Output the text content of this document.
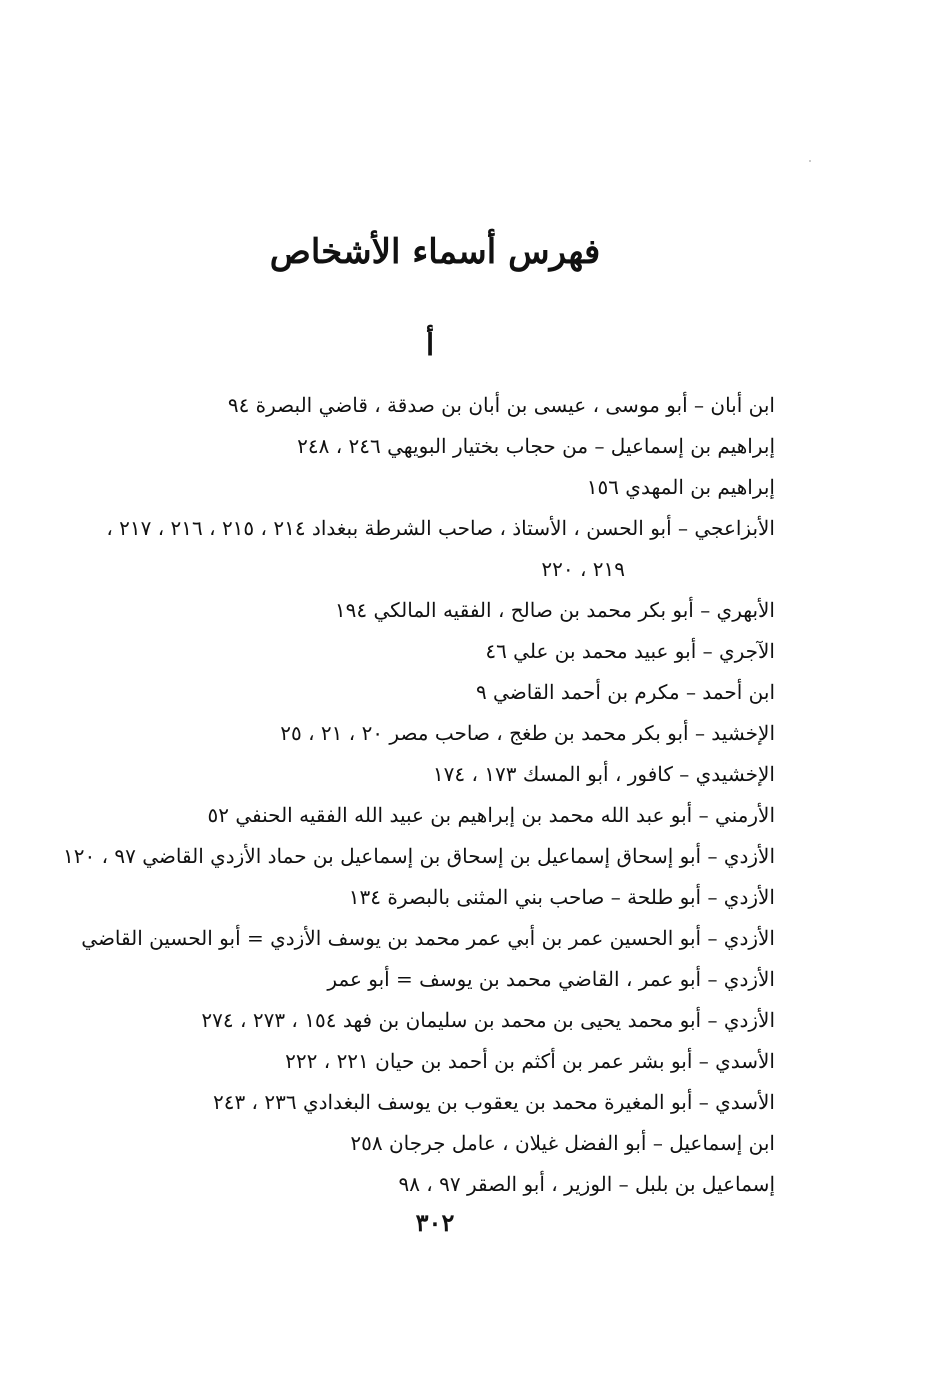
فهرس أسماء الأشخاص
أ
ابن أبان – أبو موسى ، عيسى بن أبان بن صدقة ، قاضي البصرة ٩٤
إبراهيم بن إسماعيل – من حجاب بختيار البويهي ٢٤٦ ، ٢٤٨
إبراهيم بن المهدي ١٥٦
الأبزاعجي – أبو الحسن ، الأستاذ ، صاحب الشرطة ببغداد ٢١٤ ، ٢١٥ ، ٢١٦ ، ٢١٧ ،
٢١٩ ، ٢٢٠
الأبهري – أبو بكر محمد بن صالح ، الفقيه المالكي ١٩٤
الآجري – أبو عبيد محمد بن علي ٤٦
ابن أحمد – مكرم بن أحمد القاضي ٩
الإخشيد – أبو بكر محمد بن طغج ، صاحب مصر ٢٠ ، ٢١ ، ٢٥
الإخشيدي – كافور ، أبو المسك ١٧٣ ، ١٧٤
الأرمني – أبو عبد الله محمد بن إبراهيم بن عبيد الله الفقيه الحنفي ٥٢
الأزدي – أبو إسحاق إسماعيل بن إسحاق بن إسماعيل بن حماد الأزدي القاضي ٩٧ ، ١٢٠
الأزدي – أبو طلحة – صاحب بني المثنى بالبصرة ١٣٤
الأزدي – أبو الحسين عمر بن أبي عمر محمد بن يوسف الأزدي = أبو الحسين القاضي
الأزدي – أبو عمر ، القاضي محمد بن يوسف = أبو عمر
الأزدي – أبو محمد يحيى بن محمد بن سليمان بن فهد ١٥٤ ، ٢٧٣ ، ٢٧٤
الأسدي – أبو بشر عمر بن أكثم بن أحمد بن حيان ٢٢١ ، ٢٢٢
الأسدي – أبو المغيرة محمد بن يعقوب بن يوسف البغدادي ٢٣٦ ، ٢٤٣
ابن إسماعيل – أبو الفضل غيلان ، عامل جرجان ٢٥٨
إسماعيل بن بلبل – الوزير ، أبو الصقر ٩٧ ، ٩٨
٣٠٢
